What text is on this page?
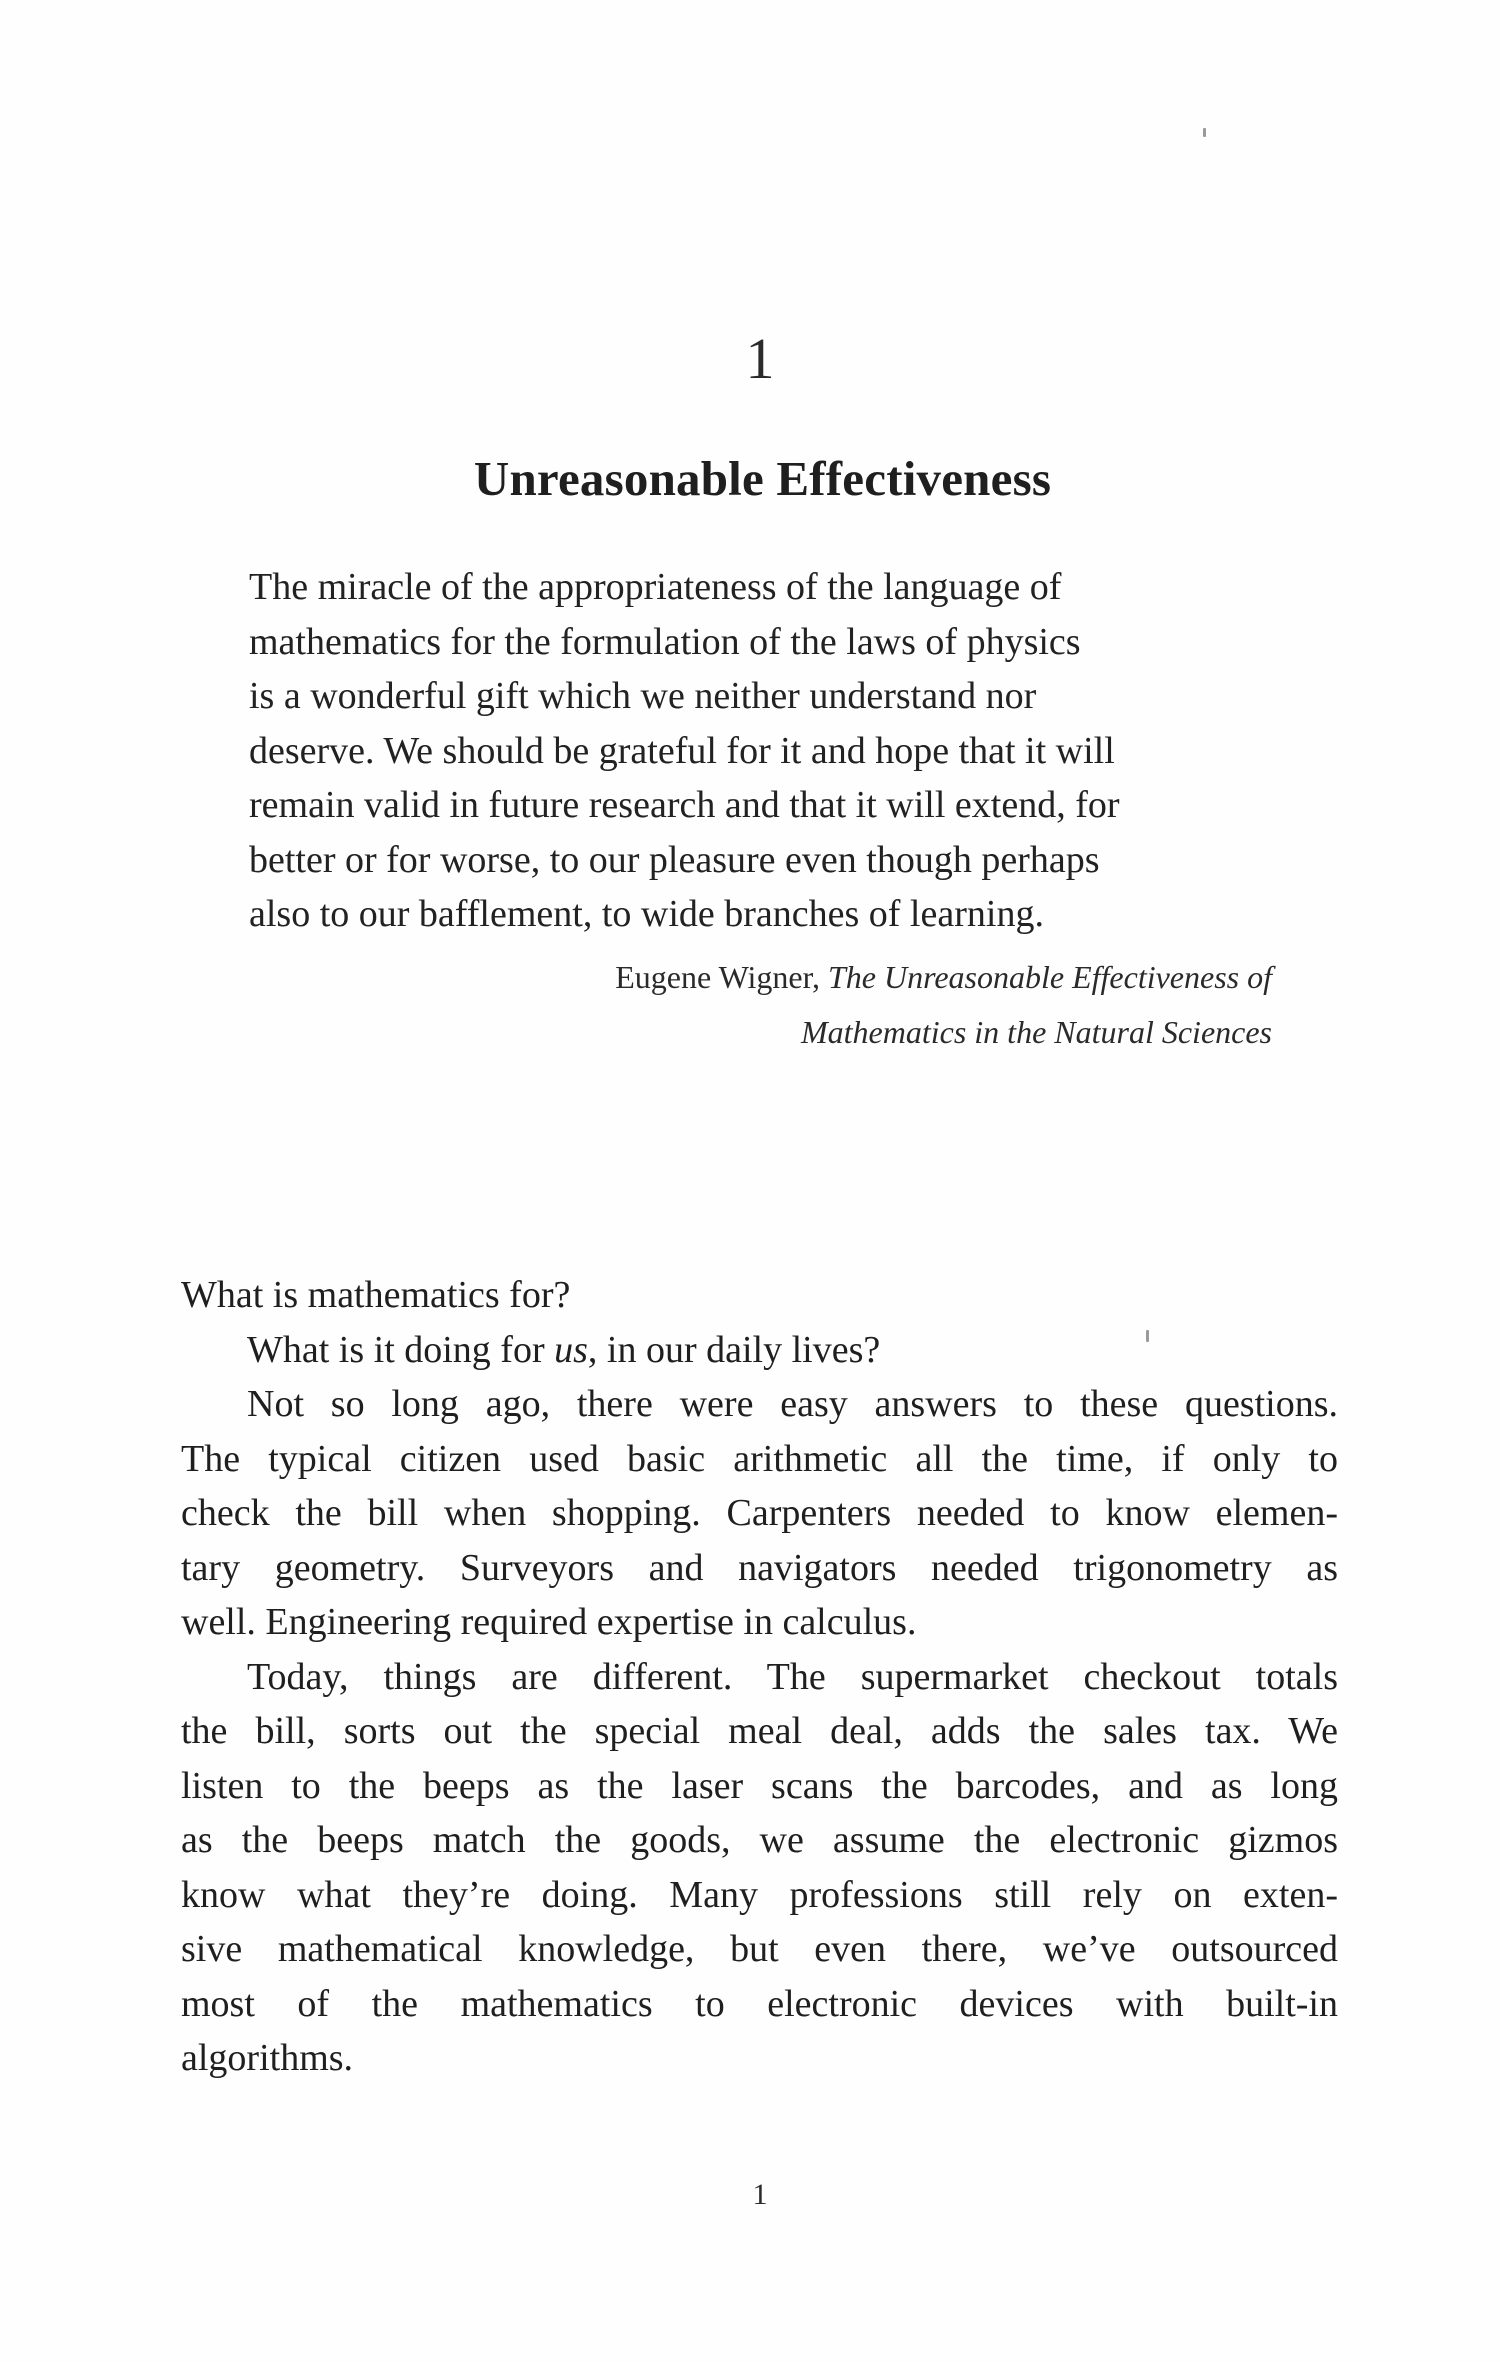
1
Unreasonable Effectiveness
The miracle of the appropriateness of the language of
mathematics for the formulation of the laws of physics
is a wonderful gift which we neither understand nor
deserve. We should be grateful for it and hope that it will
remain valid in future research and that it will extend, for
better or for worse, to our pleasure even though perhaps
also to our bafflement, to wide branches of learning.
Eugene Wigner, The Unreasonable Effectiveness of
Mathematics in the Natural Sciences
What is mathematics for?
What is it doing for us, in our daily lives?
Not so long ago, there were easy answers to these questions.
The typical citizen used basic arithmetic all the time, if only to
check the bill when shopping. Carpenters needed to know elemen-
tary geometry. Surveyors and navigators needed trigonometry as
well. Engineering required expertise in calculus.
Today, things are different. The supermarket checkout totals
the bill, sorts out the special meal deal, adds the sales tax. We
listen to the beeps as the laser scans the barcodes, and as long
as the beeps match the goods, we assume the electronic gizmos
know what they’re doing. Many professions still rely on exten-
sive mathematical knowledge, but even there, we’ve outsourced
most of the mathematics to electronic devices with built-in
algorithms.
1
